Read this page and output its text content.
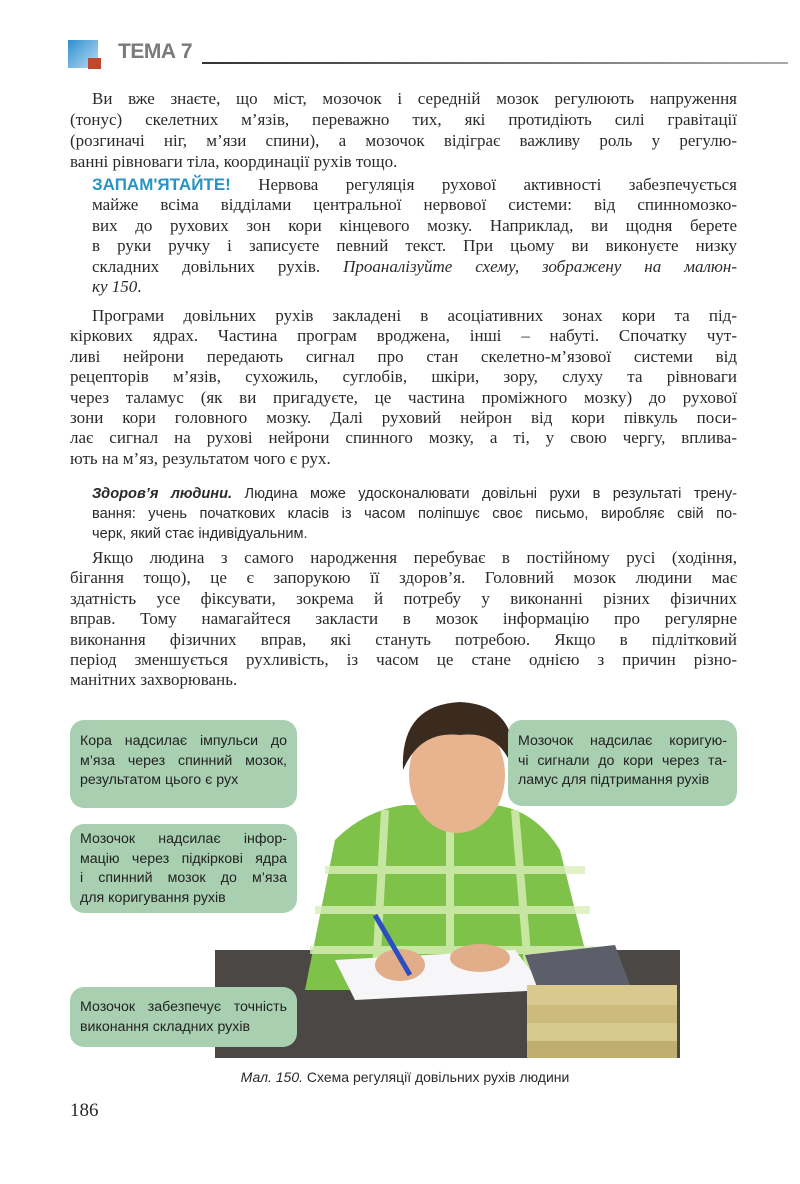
ТЕМА 7
Ви вже знаєте, що міст, мозочок і середній мозок регулюють напруження
(тонус) скелетних м’язів, переважно тих, які протидіють силі гравітації
(розгиначі ніг, м’язи спини), а мозочок відіграє важливу роль у регулю-
ванні рівноваги тіла, координації рухів тощо.
ЗАПАМ'ЯТАЙТЕ! Нервова регуляція рухової активності забезпечується
майже всіма відділами центральної нервової системи: від спинномозко-
вих до рухових зон кори кінцевого мозку. Наприклад, ви щодня берете
в руки ручку і записуєте певний текст. При цьому ви виконуєте низку
складних довільних рухів. Проаналізуйте схему, зображену на малюн-
ку 150.
Програми довільних рухів закладені в асоціативних зонах кори та під-
кіркових ядрах. Частина програм вроджена, інші – набуті. Спочатку чут-
ливі нейрони передають сигнал про стан скелетно-м’язової системи від
рецепторів м’язів, сухожиль, суглобів, шкіри, зору, слуху та рівноваги
через таламус (як ви пригадуєте, це частина проміжного мозку) до рухової
зони кори головного мозку. Далі руховий нейрон від кори півкуль поси-
лає сигнал на рухові нейрони спинного мозку, а ті, у свою чергу, вплива-
ють на м’яз, результатом чого є рух.
Здоров’я людини. Людина може удосконалювати довільні рухи в результаті трену-
вання: учень початкових класів із часом поліпшує своє письмо, виробляє свій по-
черк, який стає індивідуальним.
Якщо людина з самого народження перебуває в постійному русі (ходіння,
бігання тощо), це є запорукою її здоров’я. Головний мозок людини має
здатність усе фіксувати, зокрема й потребу у виконанні різних фізичних
вправ. Тому намагайтеся закласти в мозок інформацію про регулярне
виконання фізичних вправ, які стануть потребою. Якщо в підлітковий
період зменшується рухливість, із часом це стане однією з причин різно-
манітних захворювань.
Кора надсилає імпульси до
м’яза через спинний мозок,
результатом цього є рух
Мозочок надсилає коригую-
чі сигнали до кори через та-
ламус для підтримання рухів
Мозочок надсилає інфор-
мацію через підкіркові ядра
і спинний мозок до м’яза
для коригування рухів
Мозочок забезпечує точність
виконання складних рухів
Мал. 150. Схема регуляції довільних рухів людини
186
